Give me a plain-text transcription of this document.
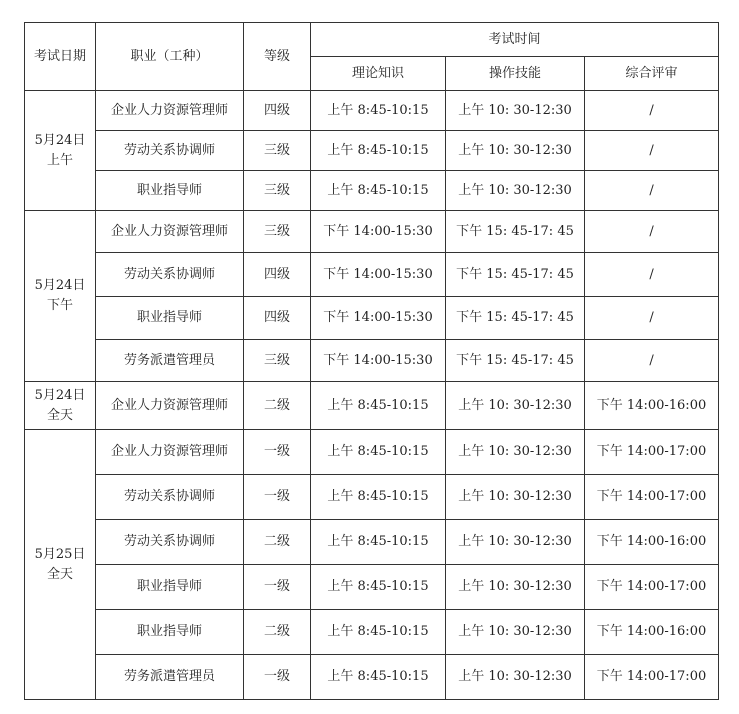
考试日期	职业（工种）	等级	考试时间		
			理论知识	操作技能	综合评审
5月24日
上午	企业人力资源管理师	四级	上午 8:45-10:15	上午 10: 30-12:30	/
	劳动关系协调师	三级	上午 8:45-10:15	上午 10: 30-12:30	/
	职业指导师	三级	上午 8:45-10:15	上午 10: 30-12:30	/
5月24日
下午	企业人力资源管理师	三级	下午 14:00-15:30	下午 15: 45-17: 45	/
	劳动关系协调师	四级	下午 14:00-15:30	下午 15: 45-17: 45	/
	职业指导师	四级	下午 14:00-15:30	下午 15: 45-17: 45	/
	劳务派遣管理员	三级	下午 14:00-15:30	下午 15: 45-17: 45	/
5月24日
全天	企业人力资源管理师	二级	上午 8:45-10:15	上午 10: 30-12:30	下午 14:00-16:00
5月25日
全天	企业人力资源管理师	一级	上午 8:45-10:15	上午 10: 30-12:30	下午 14:00-17:00
	劳动关系协调师	一级	上午 8:45-10:15	上午 10: 30-12:30	下午 14:00-17:00
	劳动关系协调师	二级	上午 8:45-10:15	上午 10: 30-12:30	下午 14:00-16:00
	职业指导师	一级	上午 8:45-10:15	上午 10: 30-12:30	下午 14:00-17:00
	职业指导师	二级	上午 8:45-10:15	上午 10: 30-12:30	下午 14:00-16:00
	劳务派遣管理员	一级	上午 8:45-10:15	上午 10: 30-12:30	下午 14:00-17:00
